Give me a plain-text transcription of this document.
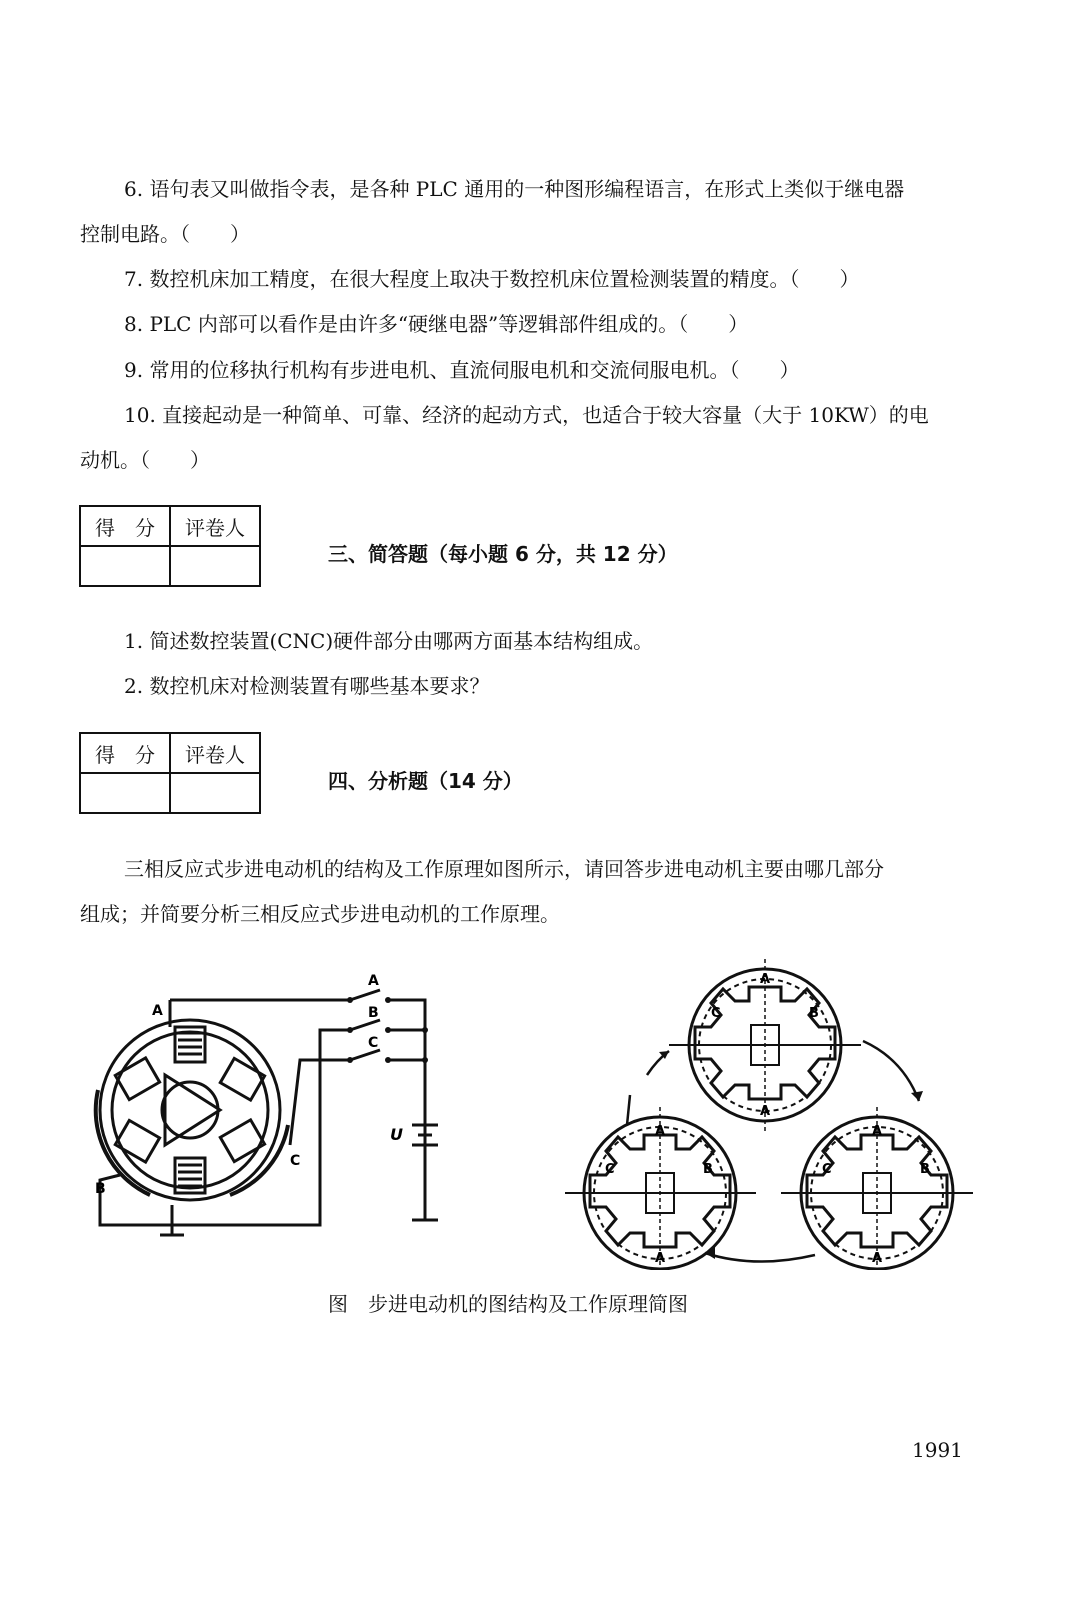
6. 语句表又叫做指令表，是各种 PLC 通用的一种图形编程语言，在形式上类似于继电器
控制电路。（　　）
7. 数控机床加工精度，在很大程度上取决于数控机床位置检测装置的精度。（　　）
8. PLC 内部可以看作是由许多“硬继电器”等逻辑部件组成的。（　　）
9. 常用的位移执行机构有步进电机、直流伺服电机和交流伺服电机。（　　）
10. 直接起动是一种简单、可靠、经济的起动方式，也适合于较大容量（大于 10KW）的电
动机。（　　）
得　分	评卷人

三、简答题（每小题 6 分，共 12 分）
1. 简述数控装置(CNC)硬件部分由哪两方面基本结构组成。
2. 数控机床对检测装置有哪些基本要求？
得　分	评卷人

四、分析题（14 分）
三相反应式步进电动机的结构及工作原理如图所示，请回答步进电动机主要由哪几部分
组成；并简要分析三相反应式步进电动机的工作原理。
A
A
B
C
B
C
U
A
C	B
A
A
C	B
A
A
C	B
A
图　步进电动机的图结构及工作原理简图
1991
